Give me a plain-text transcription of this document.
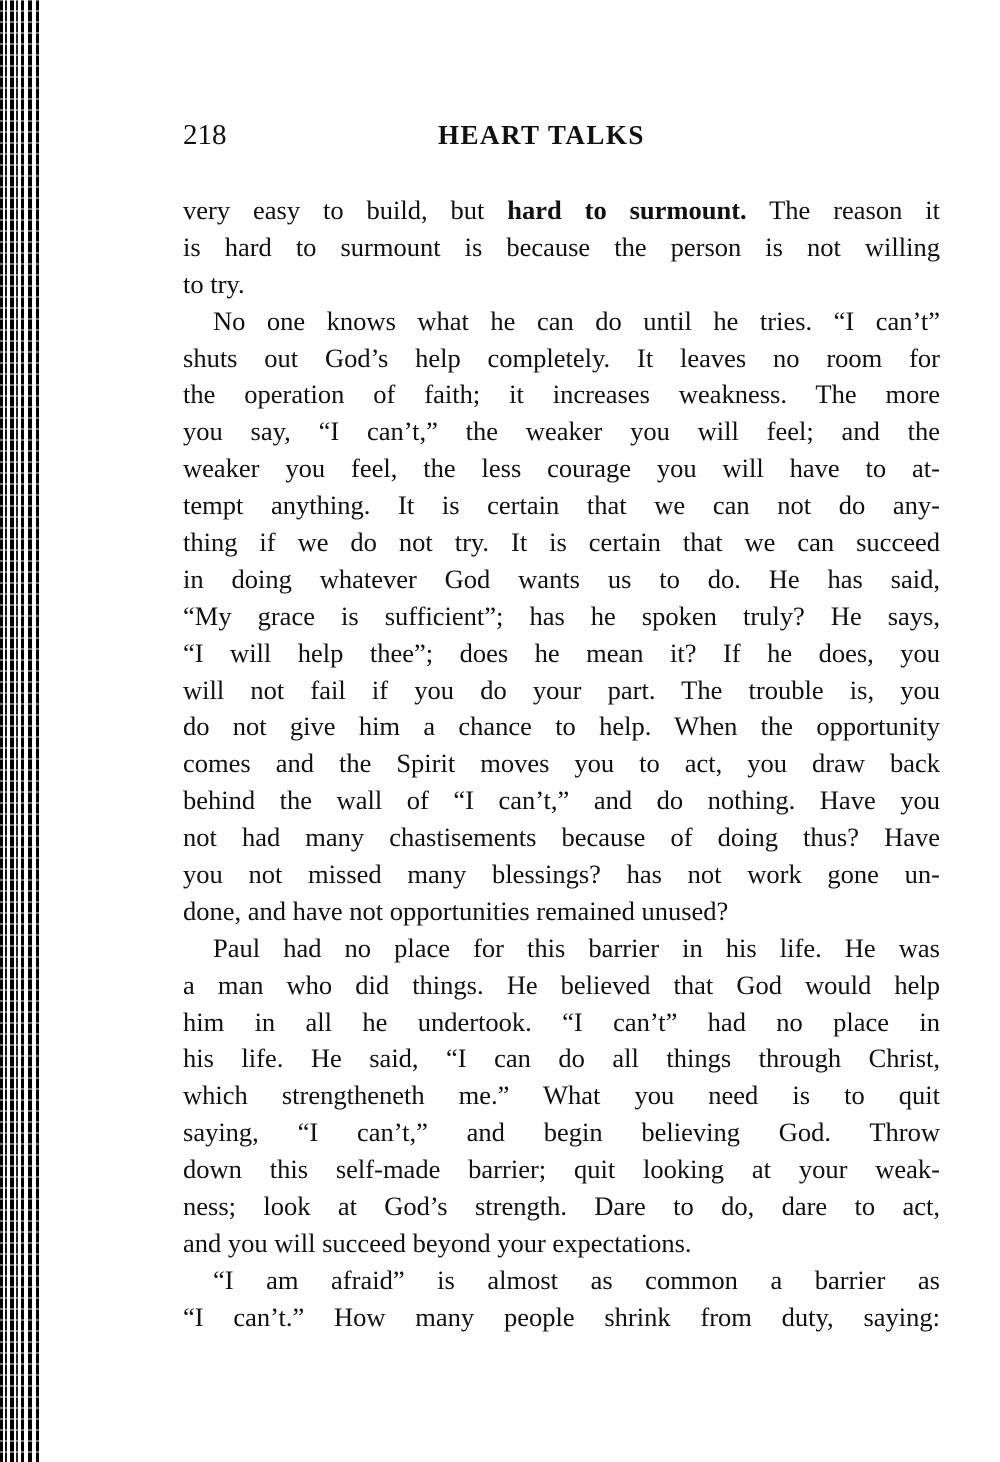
218	HEART TALKS
very easy to build, but hard to surmount. The reason it
is hard to surmount is because the person is not willing
to try.
No one knows what he can do until he tries. “I can’t”
shuts out God’s help completely. It leaves no room for
the operation of faith; it increases weakness. The more
you say, “I can’t,” the weaker you will feel; and the
weaker you feel, the less courage you will have to at-
tempt anything. It is certain that we can not do any-
thing if we do not try. It is certain that we can succeed
in doing whatever God wants us to do. He has said,
“My grace is sufficient”; has he spoken truly? He says,
“I will help thee”; does he mean it? If he does, you
will not fail if you do your part. The trouble is, you
do not give him a chance to help. When the opportunity
comes and the Spirit moves you to act, you draw back
behind the wall of “I can’t,” and do nothing. Have you
not had many chastisements because of doing thus? Have
you not missed many blessings? has not work gone un-
done, and have not opportunities remained unused?
Paul had no place for this barrier in his life. He was
a man who did things. He believed that God would help
him in all he undertook. “I can’t” had no place in
his life. He said, “I can do all things through Christ,
which strengtheneth me.” What you need is to quit
saying, “I can’t,” and begin believing God. Throw
down this self-made barrier; quit looking at your weak-
ness; look at God’s strength. Dare to do, dare to act,
and you will succeed beyond your expectations.
“I am afraid” is almost as common a barrier as
“I can’t.” How many people shrink from duty, saying:
